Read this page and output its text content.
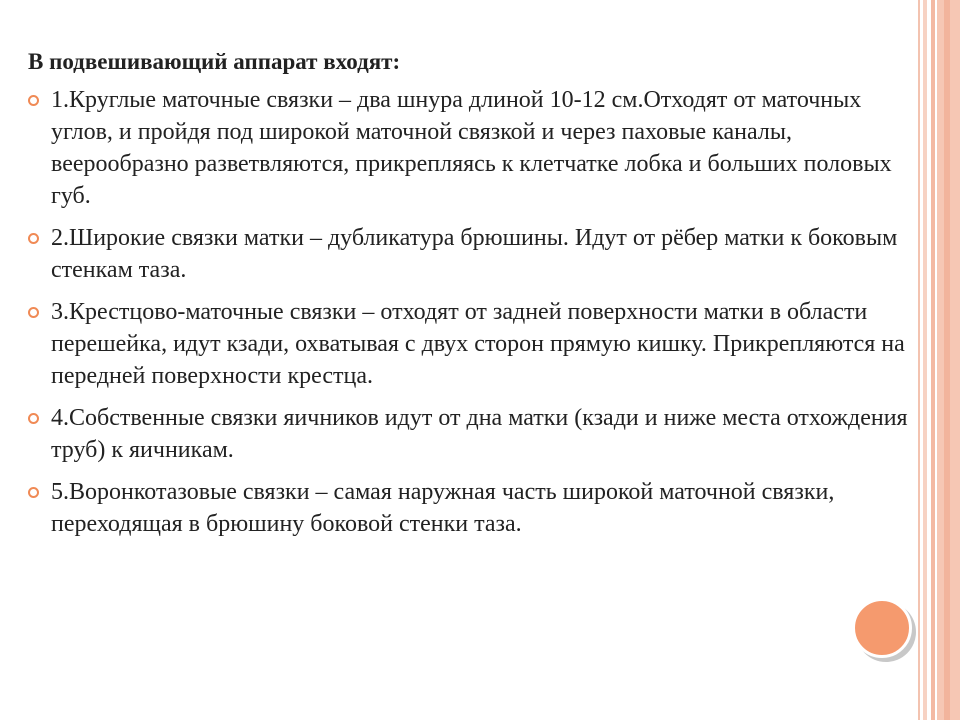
В подвешивающий аппарат входят:
1.Круглые маточные связки – два шнура длиной 10-12 см.Отходят от маточных углов, и пройдя под широкой маточной связкой и через паховые каналы, веерообразно разветвляются, прикрепляясь к клетчатке лобка и больших половых губ.
2.Широкие связки матки – дубликатура брюшины. Идут от рёбер матки к боковым стенкам таза.
3.Крестцово-маточные связки – отходят от задней поверхности матки в области перешейка, идут кзади, охватывая с двух сторон прямую кишку. Прикрепляются на передней поверхности крестца.
4.Собственные связки яичников идут от дна матки (кзади и ниже места отхождения труб) к яичникам.
5.Воронкотазовые связки – самая наружная часть широкой маточной связки, переходящая в брюшину боковой стенки таза.
